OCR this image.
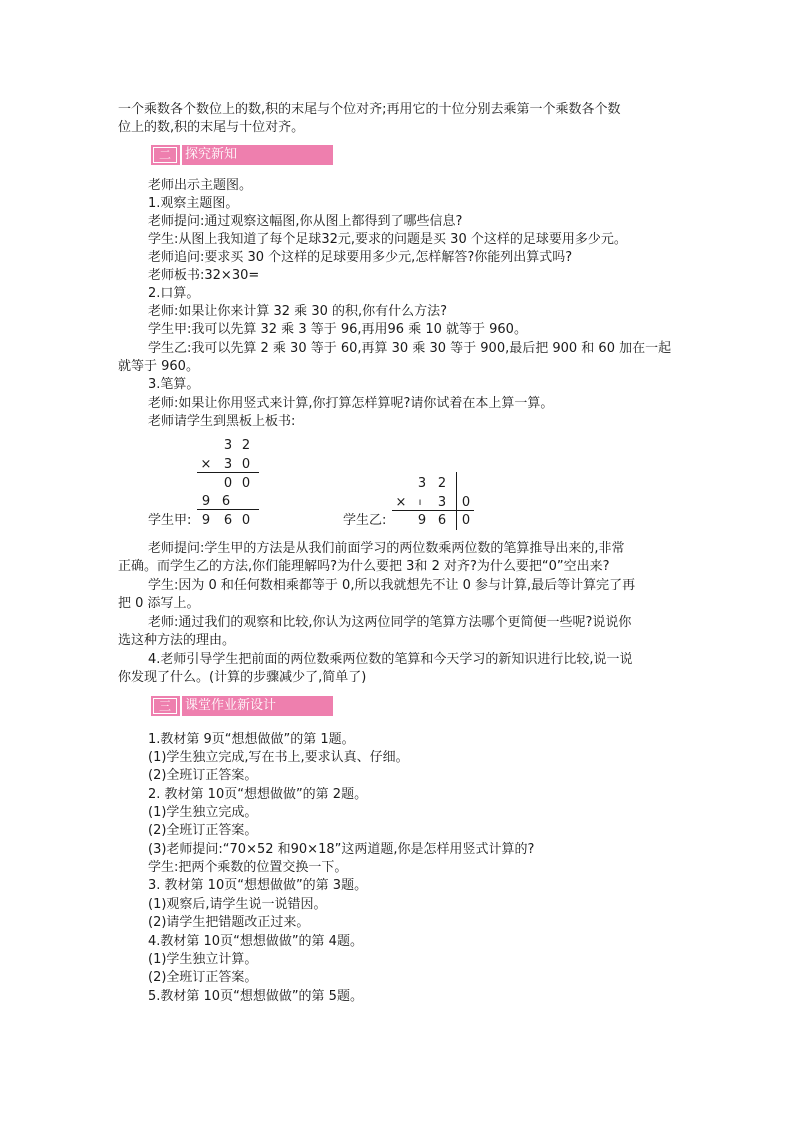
一个乘数各个数位上的数,积的末尾与个位对齐;再用它的十位分别去乘第一个乘数各个数
位上的数,积的末尾与十位对齐。
二	探究新知
老师出示主题图。
1.观察主题图。
老师提问:通过观察这幅图,你从图上都得到了哪些信息?
学生:从图上我知道了每个足球32元,要求的问题是买 30 个这样的足球要用多少元。
老师追问:要求买 30 个这样的足球要用多少元,怎样解答?你能列出算式吗?
老师板书:32×30=
2.口算。
老师:如果让你来计算 32 乘 30 的积,你有什么方法?
学生甲:我可以先算 32 乘 3 等于 96,再用96 乘 10 就等于 960。
学生乙:我可以先算 2 乘 30 等于 60,再算 30 乘 30 等于 900,最后把 900 和 60 加在一起
就等于 960。
3.笔算。
老师:如果让你用竖式来计算,你打算怎样算呢?请你试着在本上算一算。
老师请学生到黑板上板书:
3 2
× 3 0
0 0
9 6
学生甲: 9 6 0
3 2
×	ı	3 0
学生乙: 9 6 0
老师提问:学生甲的方法是从我们前面学习的两位数乘两位数的笔算推导出来的,非常
正确。而学生乙的方法,你们能理解吗?为什么要把 3和 2 对齐?为什么要把“0”空出来?
学生:因为 0 和任何数相乘都等于 0,所以我就想先不让 0 参与计算,最后等计算完了再
把 0 添写上。
老师:通过我们的观察和比较,你认为这两位同学的笔算方法哪个更简便一些呢?说说你
选这种方法的理由。
4.老师引导学生把前面的两位数乘两位数的笔算和今天学习的新知识进行比较,说一说
你发现了什么。(计算的步骤减少了,简单了)
三	课堂作业新设计
1.教材第 9页“想想做做”的第 1题。
(1)学生独立完成,写在书上,要求认真、仔细。
(2)全班订正答案。
2. 教材第 10页“想想做做”的第 2题。
(1)学生独立完成。
(2)全班订正答案。
(3)老师提问:“70×52 和90×18”这两道题,你是怎样用竖式计算的?
学生:把两个乘数的位置交换一下。
3. 教材第 10页“想想做做”的第 3题。
(1)观察后,请学生说一说错因。
(2)请学生把错题改正过来。
4.教材第 10页“想想做做”的第 4题。
(1)学生独立计算。
(2)全班订正答案。
5.教材第 10页“想想做做”的第 5题。
